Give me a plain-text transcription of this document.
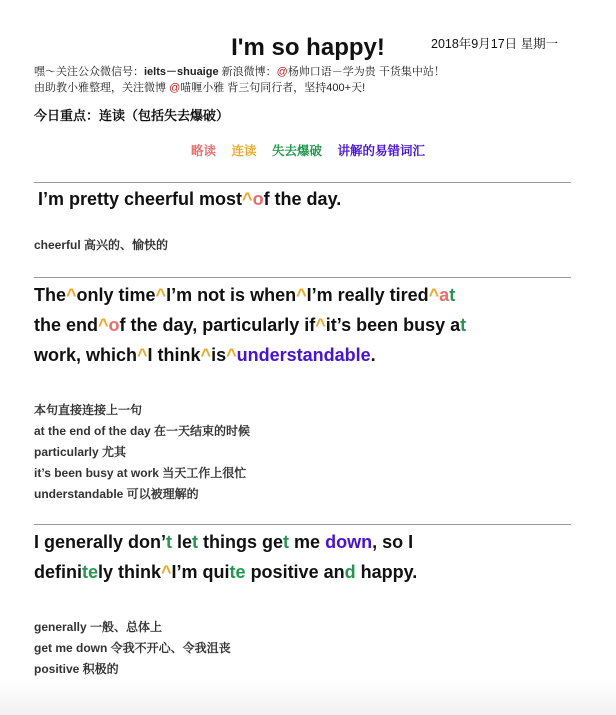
I'm so happy!	2018年9月17日 星期一
嘿～关注公众微信号：ielts－shuaige 新浪微博：@杨帅口语－学为贵 干货集中站！
由助教小雅整理，关注微博 @喵喱小雅 背三句同行者，坚持400+天!
今日重点：连读（包括失去爆破）
略读 连读 失去爆破 讲解的易错词汇
I’m pretty cheerful most^of the day.
cheerful 高兴的、愉快的
The^only time^I’m not is when^I’m really tired^at
the end^of the day, particularly if^it’s been busy at
work, which^I think^is^understandable.
本句直接连接上一句
at the end of the day 在一天结束的时候
particularly 尤其
it’s been busy at work 当天工作上很忙
understandable 可以被理解的
I generally don’t let things get me down, so I
definitely think^I’m quite positive and happy.
generally 一般、总体上
get me down 令我不开心、令我沮丧
positive 积极的
